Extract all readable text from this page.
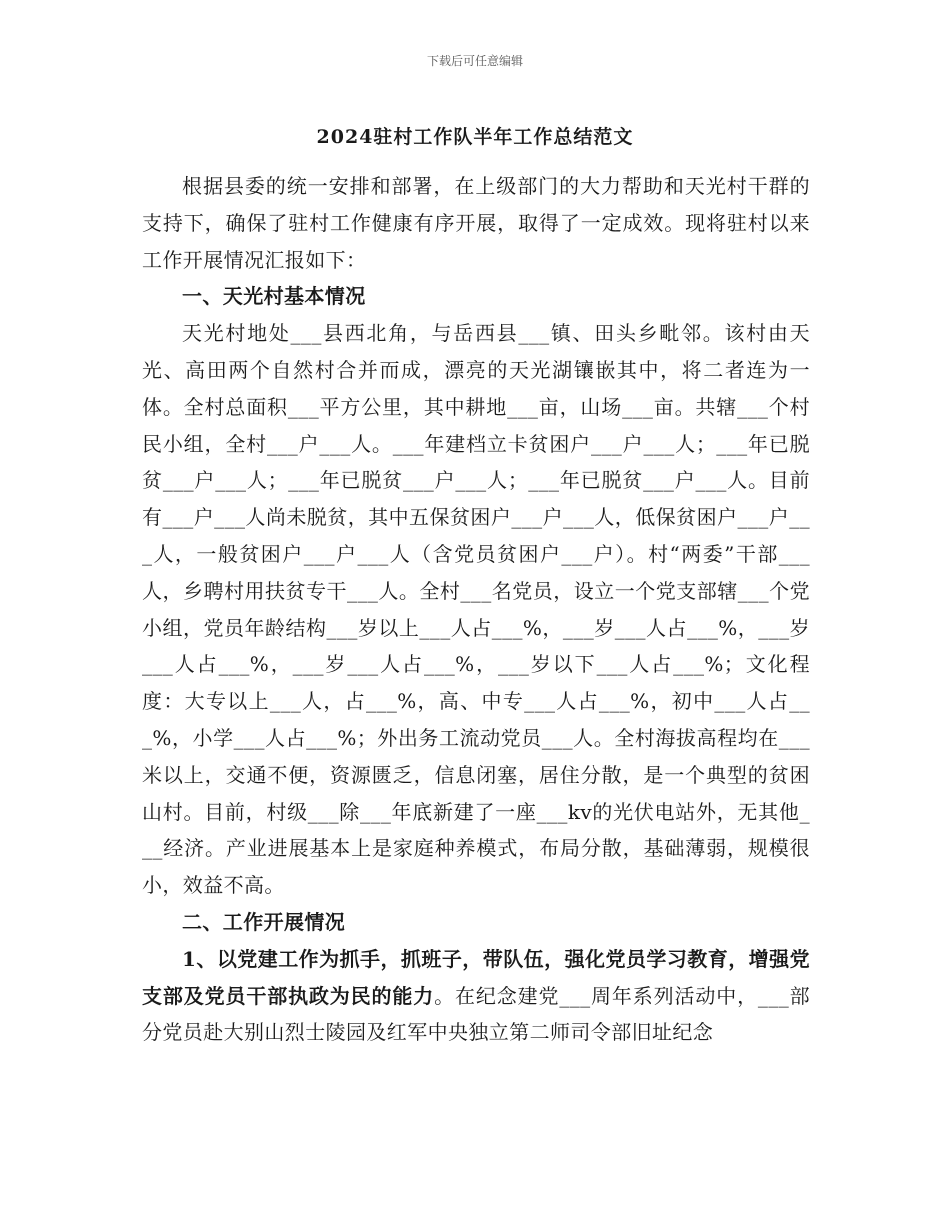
下载后可任意编辑
2024驻村工作队半年工作总结范文

根据县委的统一安排和部署，在上级部门的大力帮助和天光村干群的支持下，确保了驻村工作健康有序开展，取得了一定成效。现将驻村以来工作开展情况汇报如下：

一、天光村基本情况

天光村地处___县西北角，与岳西县___镇、田头乡毗邻。该村由天光、高田两个自然村合并而成，漂亮的天光湖镶嵌其中，将二者连为一体。全村总面积___平方公里，其中耕地___亩，山场___亩。共辖___个村民小组，全村___户___人。___年建档立卡贫困户___户___人；___年已脱贫___户___人；___年已脱贫___户___人；___年已脱贫___户___人。目前有___户___人尚未脱贫，其中五保贫困户___户___人，低保贫困户___户___人，一般贫困户___户___人（含党员贫困户___户）。村“两委”干部___人，乡聘村用扶贫专干___人。全村___名党员，设立一个党支部辖___个党小组，党员年龄结构___岁以上___人占___%，___岁___人占___%，___岁___人占___%，___岁___人占___%，___岁以下___人占___%；文化程度：大专以上___人，占___%，高、中专___人占___%，初中___人占___%，小学___人占___%；外出务工流动党员___人。全村海拔高程均在___米以上，交通不便，资源匮乏，信息闭塞，居住分散，是一个典型的贫困山村。目前，村级___除___年底新建了一座___kv的光伏电站外，无其他___经济。产业进展基本上是家庭种养模式，布局分散，基础薄弱，规模很小，效益不高。

二、工作开展情况

1、以党建工作为抓手，抓班子，带队伍，强化党员学习教育，增强党支部及党员干部执政为民的能力。在纪念建党___周年系列活动中，___部分党员赴大别山烈士陵园及红军中央独立第二师司令部旧址纪念
